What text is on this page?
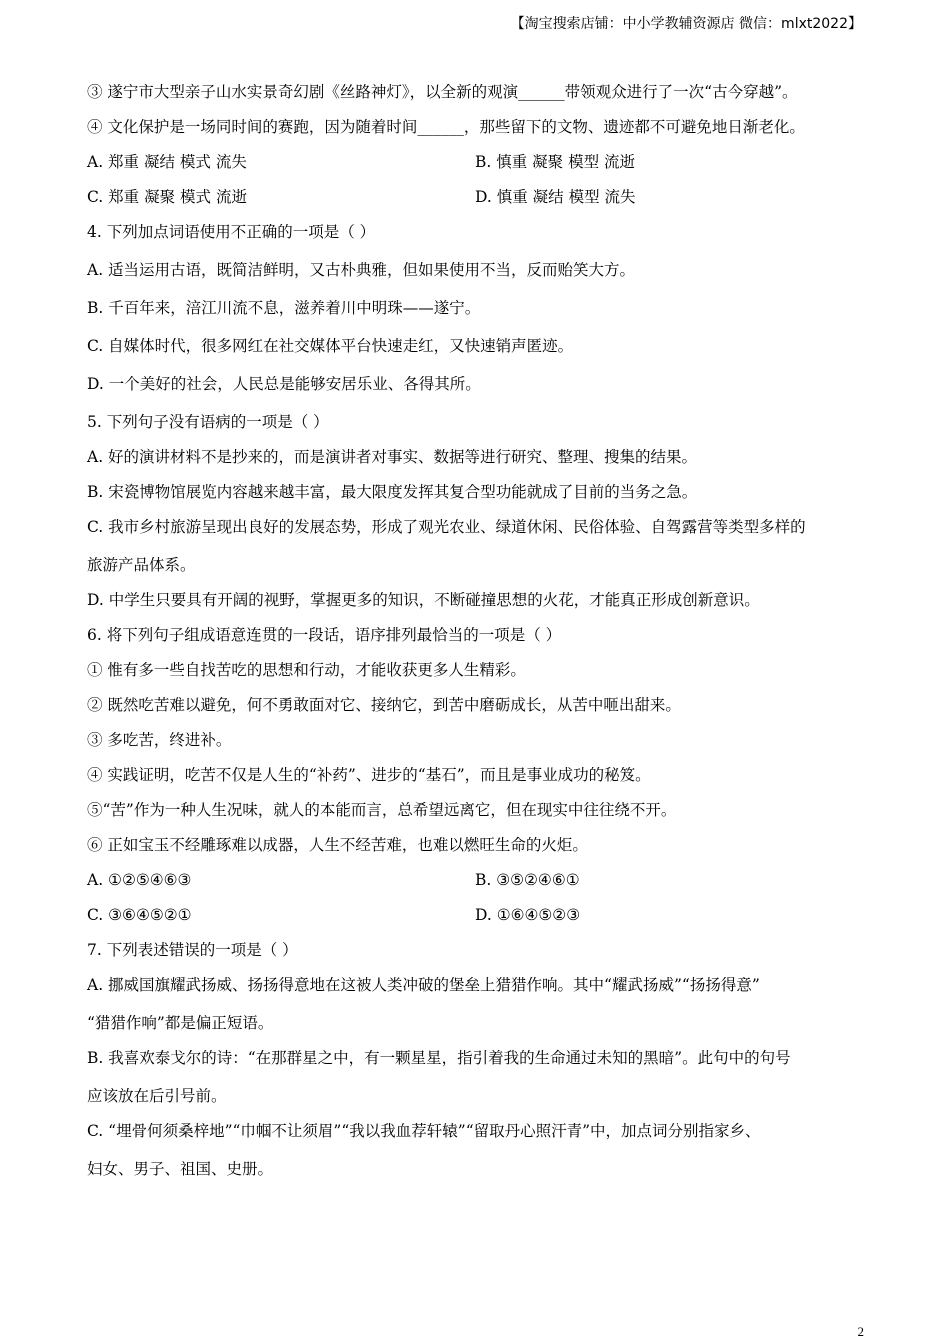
【淘宝搜索店铺：中小学教辅资源店 微信：mlxt2022】
③ 遂宁市大型亲子山水实景奇幻剧《丝路神灯》，以全新的观演______带领观众进行了一次“古今穿越”。
④ 文化保护是一场同时间的赛跑，因为随着时间______，那些留下的文物、遗迹都不可避免地日渐老化。
A. 郑重 凝结 模式 流失	B. 慎重 凝聚 模型 流逝
C. 郑重 凝聚 模式 流逝	D. 慎重 凝结 模型 流失
4. 下列加点词语使用不正确的一项是（ ）
A. 适当运用古语，既简洁鲜明，又古朴典雅，但如果使用不当，反而贻笑大方。
B. 千百年来，涪江川流不息，滋养着川中明珠——遂宁。
C. 自媒体时代，很多网红在社交媒体平台快速走红，又快速销声匿迹。
D. 一个美好的社会，人民总是能够安居乐业、各得其所。
5. 下列句子没有语病的一项是（ ）
A. 好的演讲材料不是抄来的，而是演讲者对事实、数据等进行研究、整理、搜集的结果。
B. 宋瓷博物馆展览内容越来越丰富，最大限度发挥其复合型功能就成了目前的当务之急。
C. 我市乡村旅游呈现出良好的发展态势，形成了观光农业、绿道休闲、民俗体验、自驾露营等类型多样的
旅游产品体系。
D. 中学生只要具有开阔的视野，掌握更多的知识，不断碰撞思想的火花，才能真正形成创新意识。
6. 将下列句子组成语意连贯的一段话，语序排列最恰当的一项是（ ）
① 惟有多一些自找苦吃的思想和行动，才能收获更多人生精彩。
② 既然吃苦难以避免，何不勇敢面对它、接纳它，到苦中磨砺成长，从苦中咂出甜来。
③ 多吃苦，终进补。
④ 实践证明，吃苦不仅是人生的“补药”、进步的“基石”，而且是事业成功的秘笈。
⑤“苦”作为一种人生况味，就人的本能而言，总希望远离它，但在现实中往往绕不开。
⑥ 正如宝玉不经雕琢难以成器，人生不经苦难，也难以燃旺生命的火炬。
A. ①②⑤④⑥③	B. ③⑤②④⑥①
C. ③⑥④⑤②①	D. ①⑥④⑤②③
7. 下列表述错误的一项是（ ）
A. 挪威国旗耀武扬威、扬扬得意地在这被人类冲破的堡垒上猎猎作响。其中“耀武扬威”“扬扬得意”
“猎猎作响”都是偏正短语。
B. 我喜欢泰戈尔的诗：“在那群星之中，有一颗星星，指引着我的生命通过未知的黑暗”。此句中的句号
应该放在后引号前。
C. “埋骨何须桑梓地”“巾帼不让须眉”“我以我血荐轩辕”“留取丹心照汗青”中，加点词分别指家乡、
妇女、男子、祖国、史册。
2
